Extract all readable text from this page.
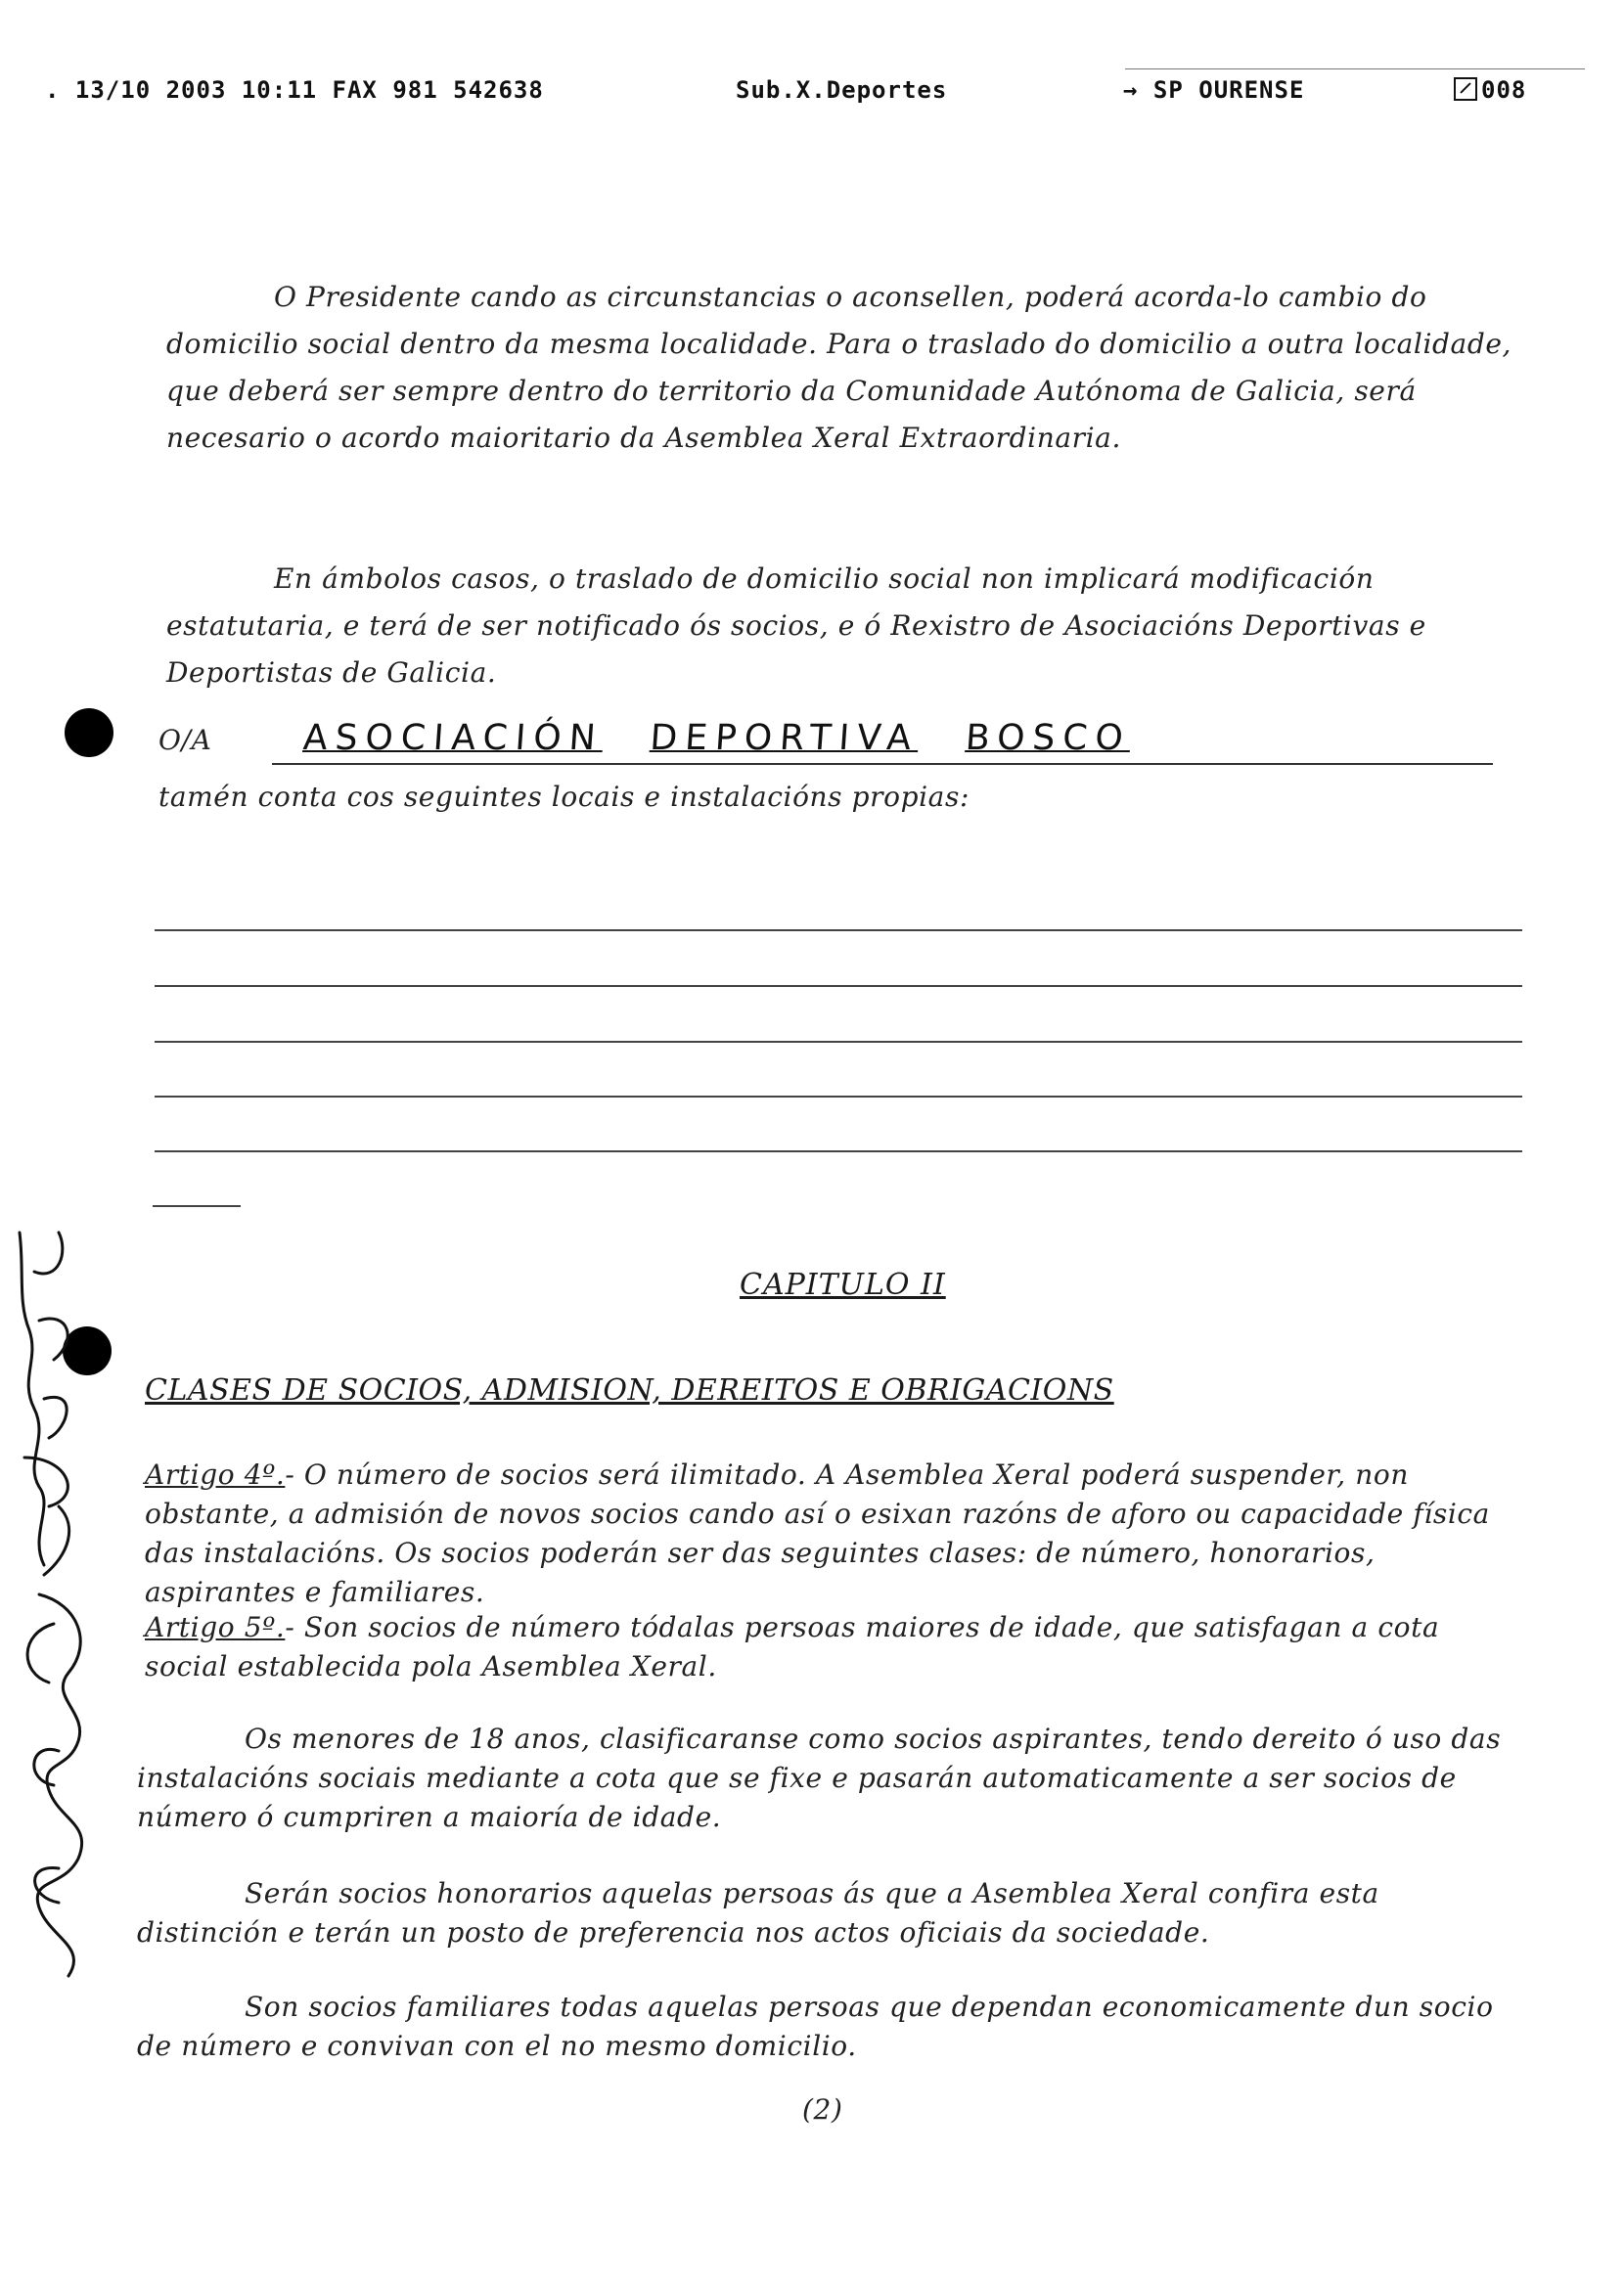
. 13/10 2003 10:11 FAX 981 542638	Sub.X.Deportes	→ SP OURENSE	008

O Presidente cando as circunstancias o aconsellen, poderá acorda-lo cambio do domicilio social dentro da mesma localidade. Para o traslado do domicilio a outra localidade, que deberá ser sempre dentro do territorio da Comunidade Autónoma de Galicia, será necesario o acordo maioritario da Asemblea Xeral Extraordinaria.

En ámbolos casos, o traslado de domicilio social non implicará modificación estatutaria, e terá de ser notificado ós socios, e ó Rexistro de Asociacións Deportivas e Deportistas de Galicia.

O/A	ASOCIACIÓN DEPORTIVA BOSCO
tamén conta cos seguintes locais e instalacións propias:
CAPITULO II
CLASES DE SOCIOS, ADMISION, DEREITOS E OBRIGACIONS

Artigo 4º.- O número de socios será ilimitado. A Asemblea Xeral poderá suspender, non obstante, a admisión de novos socios cando así o esixan razóns de aforo ou capacidade física das instalacións. Os socios poderán ser das seguintes clases: de número, honorarios, aspirantes e familiares.

Artigo 5º.- Son socios de número tódalas persoas maiores de idade, que satisfagan a cota social establecida pola Asemblea Xeral.

Os menores de 18 anos, clasificaranse como socios aspirantes, tendo dereito ó uso das instalacións sociais mediante a cota que se fixe e pasarán automaticamente a ser socios de número ó cumpriren a maioría de idade.

Serán socios honorarios aquelas persoas ás que a Asemblea Xeral confira esta distinción e terán un posto de preferencia nos actos oficiais da sociedade.

Son socios familiares todas aquelas persoas que dependan economicamente dun socio de número e convivan con el no mesmo domicilio.

(2)
